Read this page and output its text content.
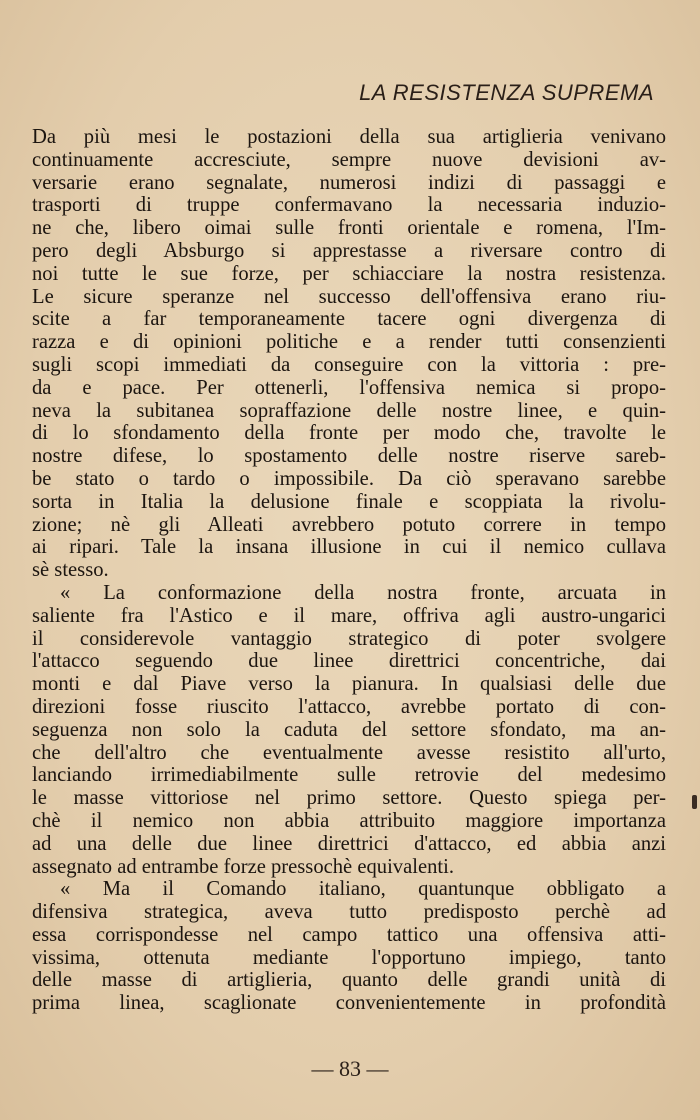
LA RESISTENZA SUPREMA
Da più mesi le postazioni della sua artiglieria venivano
continuamente accresciute, sempre nuove devisioni av-
versarie erano segnalate, numerosi indizi di passaggi e
trasporti di truppe confermavano la necessaria induzio-
ne che, libero oimai sulle fronti orientale e romena, l'Im-
pero degli Absburgo si apprestasse a riversare contro di
noi tutte le sue forze, per schiacciare la nostra resistenza.
Le sicure speranze nel successo dell'offensiva erano riu-
scite a far temporaneamente tacere ogni divergenza di
razza e di opinioni politiche e a render tutti consenzienti
sugli scopi immediati da conseguire con la vittoria : pre-
da e pace. Per ottenerli, l'offensiva nemica si propo-
neva la subitanea sopraffazione delle nostre linee, e quin-
di lo sfondamento della fronte per modo che, travolte le
nostre difese, lo spostamento delle nostre riserve sareb-
be stato o tardo o impossibile. Da ciò speravano sarebbe
sorta in Italia la delusione finale e scoppiata la rivolu-
zione; nè gli Alleati avrebbero potuto correre in tempo
ai ripari. Tale la insana illusione in cui il nemico cullava
sè stesso.
« La conformazione della nostra fronte, arcuata in
saliente fra l'Astico e il mare, offriva agli austro-ungarici
il considerevole vantaggio strategico di poter svolgere
l'attacco seguendo due linee direttrici concentriche, dai
monti e dal Piave verso la pianura. In qualsiasi delle due
direzioni fosse riuscito l'attacco, avrebbe portato di con-
seguenza non solo la caduta del settore sfondato, ma an-
che dell'altro che eventualmente avesse resistito all'urto,
lanciando irrimediabilmente sulle retrovie del medesimo
le masse vittoriose nel primo settore. Questo spiega per-
chè il nemico non abbia attribuito maggiore importanza
ad una delle due linee direttrici d'attacco, ed abbia anzi
assegnato ad entrambe forze pressochè equivalenti.
« Ma il Comando italiano, quantunque obbligato a
difensiva strategica, aveva tutto predisposto perchè ad
essa corrispondesse nel campo tattico una offensiva atti-
vissima, ottenuta mediante l'opportuno impiego, tanto
delle masse di artiglieria, quanto delle grandi unità di
prima linea, scaglionate convenientemente in profondità
— 83 —
